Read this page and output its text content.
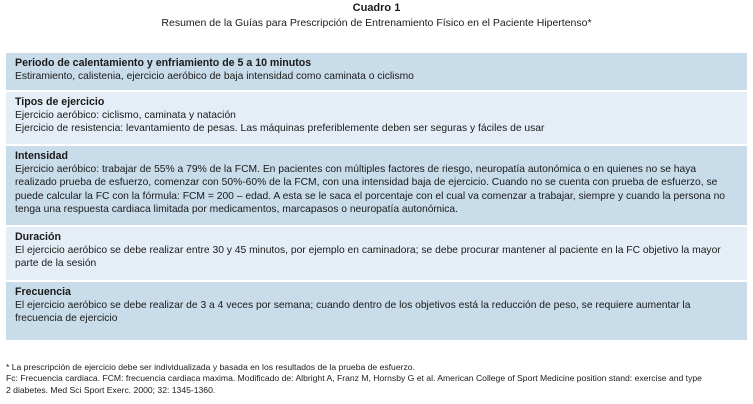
Cuadro 1
Resumen de la Guías para Prescripción de Entrenamiento Físico en el Paciente Hipertenso*

Periodo de calentamiento y enfriamiento de 5 a 10 minutos

Estiramiento, calistenia, ejercicio aeróbico de baja intensidad como caminata o ciclismo

Tipos de ejercicio

Ejercicio aeróbico: ciclismo, caminata y natación

Ejercicio de resistencia: levantamiento de pesas. Las máquinas preferiblemente deben ser seguras y fáciles de usar

Intensidad

Ejercicio aeróbico: trabajar de 55% a 79% de la FCM. En pacientes con múltiples factores de riesgo, neuropatía autonómica o en quienes no se haya

realizado prueba de esfuerzo, comenzar con 50%-60% de la FCM, con una intensidad baja de ejercicio. Cuando no se cuenta con prueba de esfuerzo, se

puede calcular la FC con la fórmula: FCM = 200 – edad. A esta se le saca el porcentaje con el cual va comenzar a trabajar, siempre y cuando la persona no

tenga una respuesta cardiaca limitada por medicamentos, marcapasos o neuropatía autonómica.

Duración

El ejercicio aeróbico se debe realizar entre 30 y 45 minutos, por ejemplo en caminadora; se debe procurar mantener al paciente en la FC objetivo la mayor

parte de la sesión

Frecuencia

El ejercicio aeróbico se debe realizar de 3 a 4 veces por semana; cuando dentro de los objetivos está la reducción de peso, se requiere aumentar la

frecuencia de ejercicio

* La prescripción de ejercicio debe ser individualizada y basada en los resultados de la prueba de esfuerzo.

Fc: Frecuencia cardiaca. FCM: frecuencia cardiaca maxima. Modificado de: Albright A, Franz M, Hornsby G et al. American College of Sport Medicine position stand: exercise and type

2 diabetes. Med Sci Sport Exerc. 2000; 32: 1345-1360.
